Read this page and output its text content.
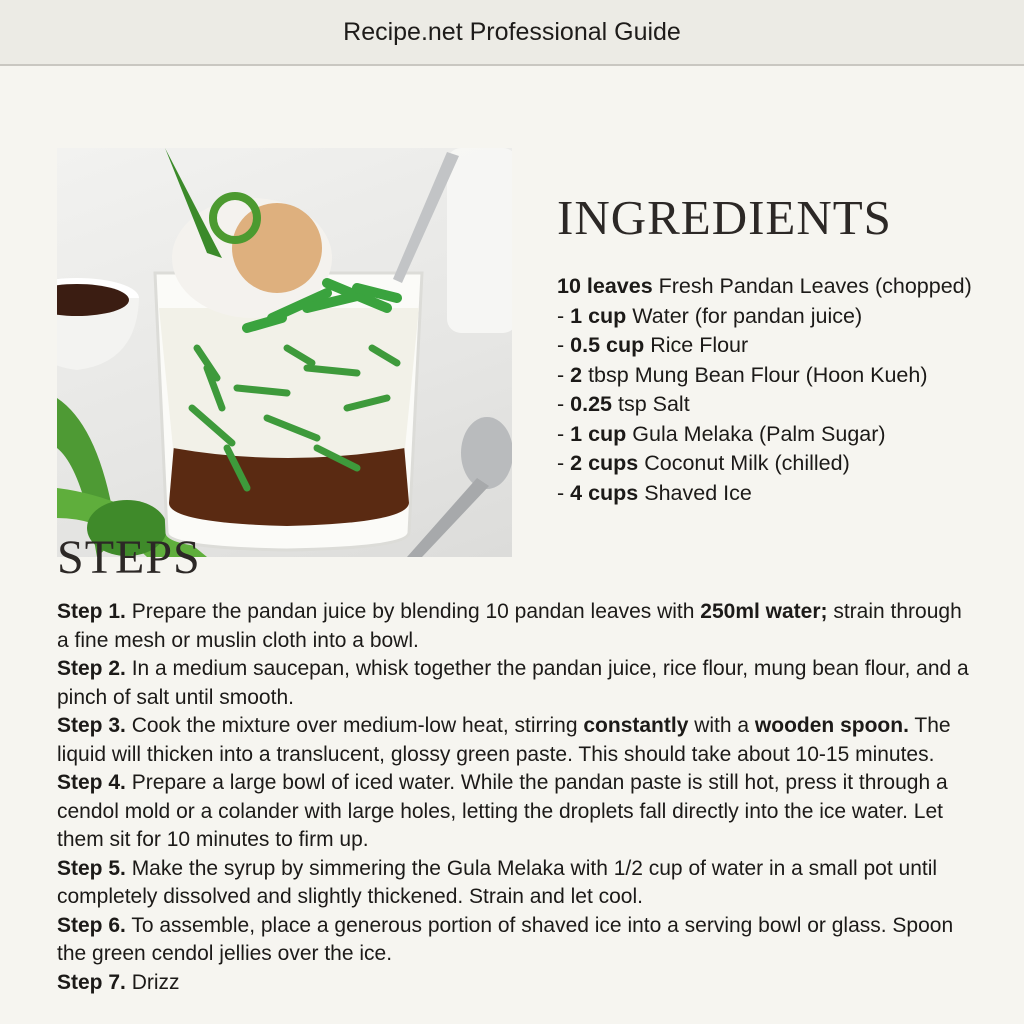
Recipe.net Professional Guide
INGREDIENTS
10 leaves Fresh Pandan Leaves (chopped)
- 1 cup Water (for pandan juice)
- 0.5 cup Rice Flour
- 2 tbsp Mung Bean Flour (Hoon Kueh)
- 0.25 tsp Salt
- 1 cup Gula Melaka (Palm Sugar)
- 2 cups Coconut Milk (chilled)
- 4 cups Shaved Ice
STEPS
Step 1. Prepare the pandan juice by blending 10 pandan leaves with 250ml water; strain through a fine mesh or muslin cloth into a bowl.
Step 2. In a medium saucepan, whisk together the pandan juice, rice flour, mung bean flour, and a pinch of salt until smooth.
Step 3. Cook the mixture over medium-low heat, stirring constantly with a wooden spoon. The liquid will thicken into a translucent, glossy green paste. This should take about 10-15 minutes.
Step 4. Prepare a large bowl of iced water. While the pandan paste is still hot, press it through a cendol mold or a colander with large holes, letting the droplets fall directly into the ice water. Let them sit for 10 minutes to firm up.
Step 5. Make the syrup by simmering the Gula Melaka with 1/2 cup of water in a small pot until completely dissolved and slightly thickened. Strain and let cool.
Step 6. To assemble, place a generous portion of shaved ice into a serving bowl or glass. Spoon the green cendol jellies over the ice.
Step 7. Drizz
